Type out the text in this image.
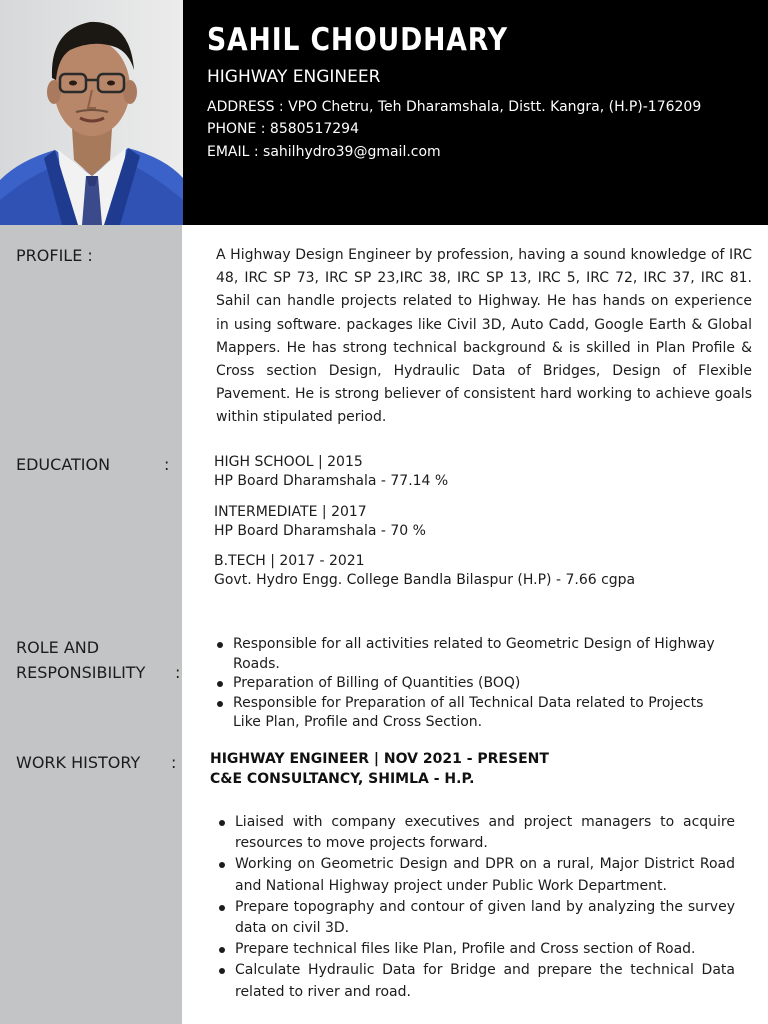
SAHIL CHOUDHARY
HIGHWAY ENGINEER
ADDRESS : VPO Chetru, Teh Dharamshala, Distt. Kangra, (H.P)-176209
PHONE : 8580517294
EMAIL : sahilhydro39@gmail.com
PROFILE :
EDUCATION	:
ROLE AND
RESPONSIBILITY :
WORK HISTORY :
A Highway Design Engineer by profession, having a sound knowledge of IRC 48, IRC SP 73, IRC SP 23,IRC 38, IRC SP 13, IRC 5, IRC 72, IRC 37, IRC 81. Sahil can handle projects related to Highway. He has hands on experience in using software. packages like Civil 3D, Auto Cadd, Google Earth & Global Mappers. He has strong technical background & is skilled in Plan Profile & Cross section Design, Hydraulic Data of Bridges, Design of Flexible Pavement. He is strong believer of consistent hard working to achieve goals within stipulated period.
HIGH SCHOOL | 2015
HP Board Dharamshala - 77.14 %
INTERMEDIATE | 2017
HP Board Dharamshala - 70 %
B.TECH | 2017 - 2021
Govt. Hydro Engg. College Bandla Bilaspur (H.P) - 7.66 cgpa
Responsible for all activities related to Geometric Design of Highway Roads.
Preparation of Billing of Quantities (BOQ)
Responsible for Preparation of all Technical Data related to Projects Like Plan, Profile and Cross Section.
HIGHWAY ENGINEER | NOV 2021 - PRESENT
C&E CONSULTANCY, SHIMLA - H.P.
Liaised with company executives and project managers to acquire resources to move projects forward.
Working on Geometric Design and DPR on a rural, Major District Road and National Highway project under Public Work Department.
Prepare topography and contour of given land by analyzing the survey data on civil 3D.
Prepare technical files like Plan, Profile and Cross section of Road.
Calculate Hydraulic Data for Bridge and prepare the technical Data related to river and road.
